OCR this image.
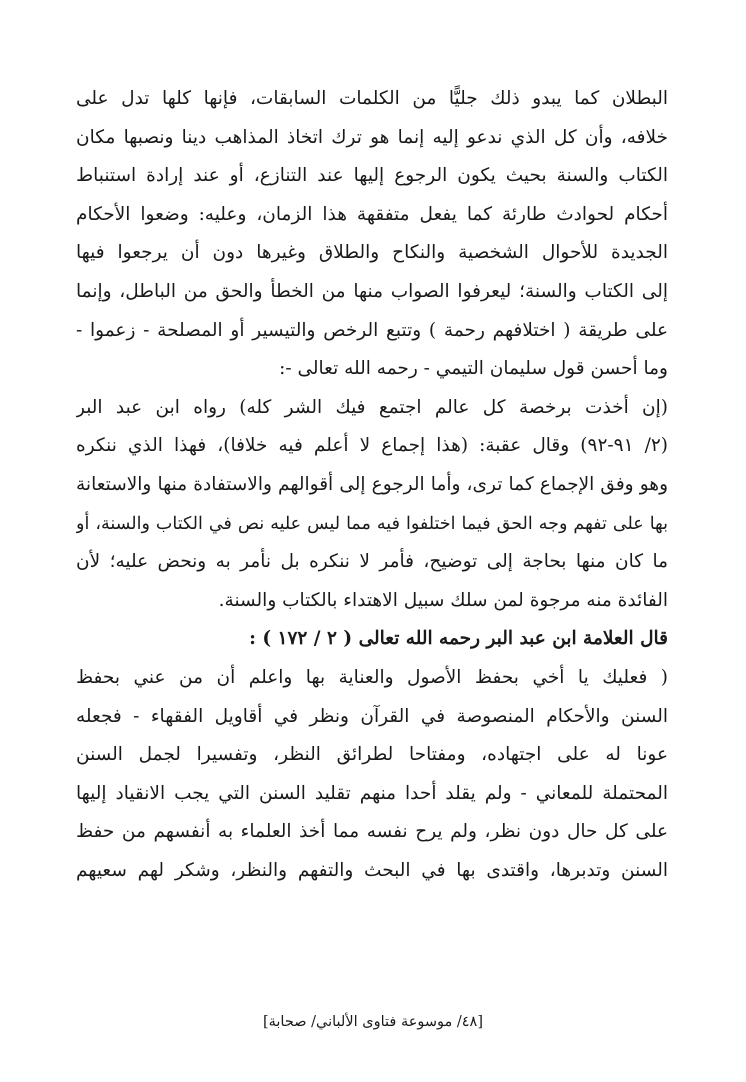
البطلان كما يبدو ذلك جليًّا من الكلمات السابقات، فإنها كلها تدل على
خلافه، وأن كل الذي ندعو إليه إنما هو ترك اتخاذ المذاهب دينا ونصبها مكان
الكتاب والسنة بحيث يكون الرجوع إليها عند التنازع، أو عند إرادة استنباط
أحكام لحوادث طارئة كما يفعل متفقهة هذا الزمان، وعليه: وضعوا الأحكام
الجديدة للأحوال الشخصية والنكاح والطلاق وغيرها دون أن يرجعوا فيها
إلى الكتاب والسنة؛ ليعرفوا الصواب منها من الخطأ والحق من الباطل، وإنما
على طريقة ( اختلافهم رحمة ) وتتبع الرخص والتيسير أو المصلحة - زعموا -
وما أحسن قول سليمان التيمي - رحمه الله تعالى -:
(إن أخذت برخصة كل عالم اجتمع فيك الشر كله) رواه ابن عبد البر
(٢/ ٩١-٩٢) وقال عقبة: (هذا إجماع لا أعلم فيه خلافا)، فهذا الذي ننكره
وهو وفق الإجماع كما ترى، وأما الرجوع إلى أقوالهم والاستفادة منها والاستعانة
بها على تفهم وجه الحق فيما اختلفوا فيه مما ليس عليه نص في الكتاب والسنة، أو
ما كان منها بحاجة إلى توضيح، فأمر لا ننكره بل نأمر به ونحض عليه؛ لأن
الفائدة منه مرجوة لمن سلك سبيل الاهتداء بالكتاب والسنة.
قال العلامة ابن عبد البر رحمه الله تعالى ( ٢ / ١٧٢ ) :
( فعليك يا أخي بحفظ الأصول والعناية بها واعلم أن من عني بحفظ
السنن والأحكام المنصوصة في القرآن ونظر في أقاويل الفقهاء - فجعله
عونا له على اجتهاده، ومفتاحا لطرائق النظر، وتفسيرا لجمل السنن
المحتملة للمعاني - ولم يقلد أحدا منهم تقليد السنن التي يجب الانقياد إليها
على كل حال دون نظر، ولم يرح نفسه مما أخذ العلماء به أنفسهم من حفظ
السنن وتدبرها، واقتدى بها في البحث والتفهم والنظر، وشكر لهم سعيهم
[٤٨/ موسوعة فتاوى الألباني/ صحابة]
